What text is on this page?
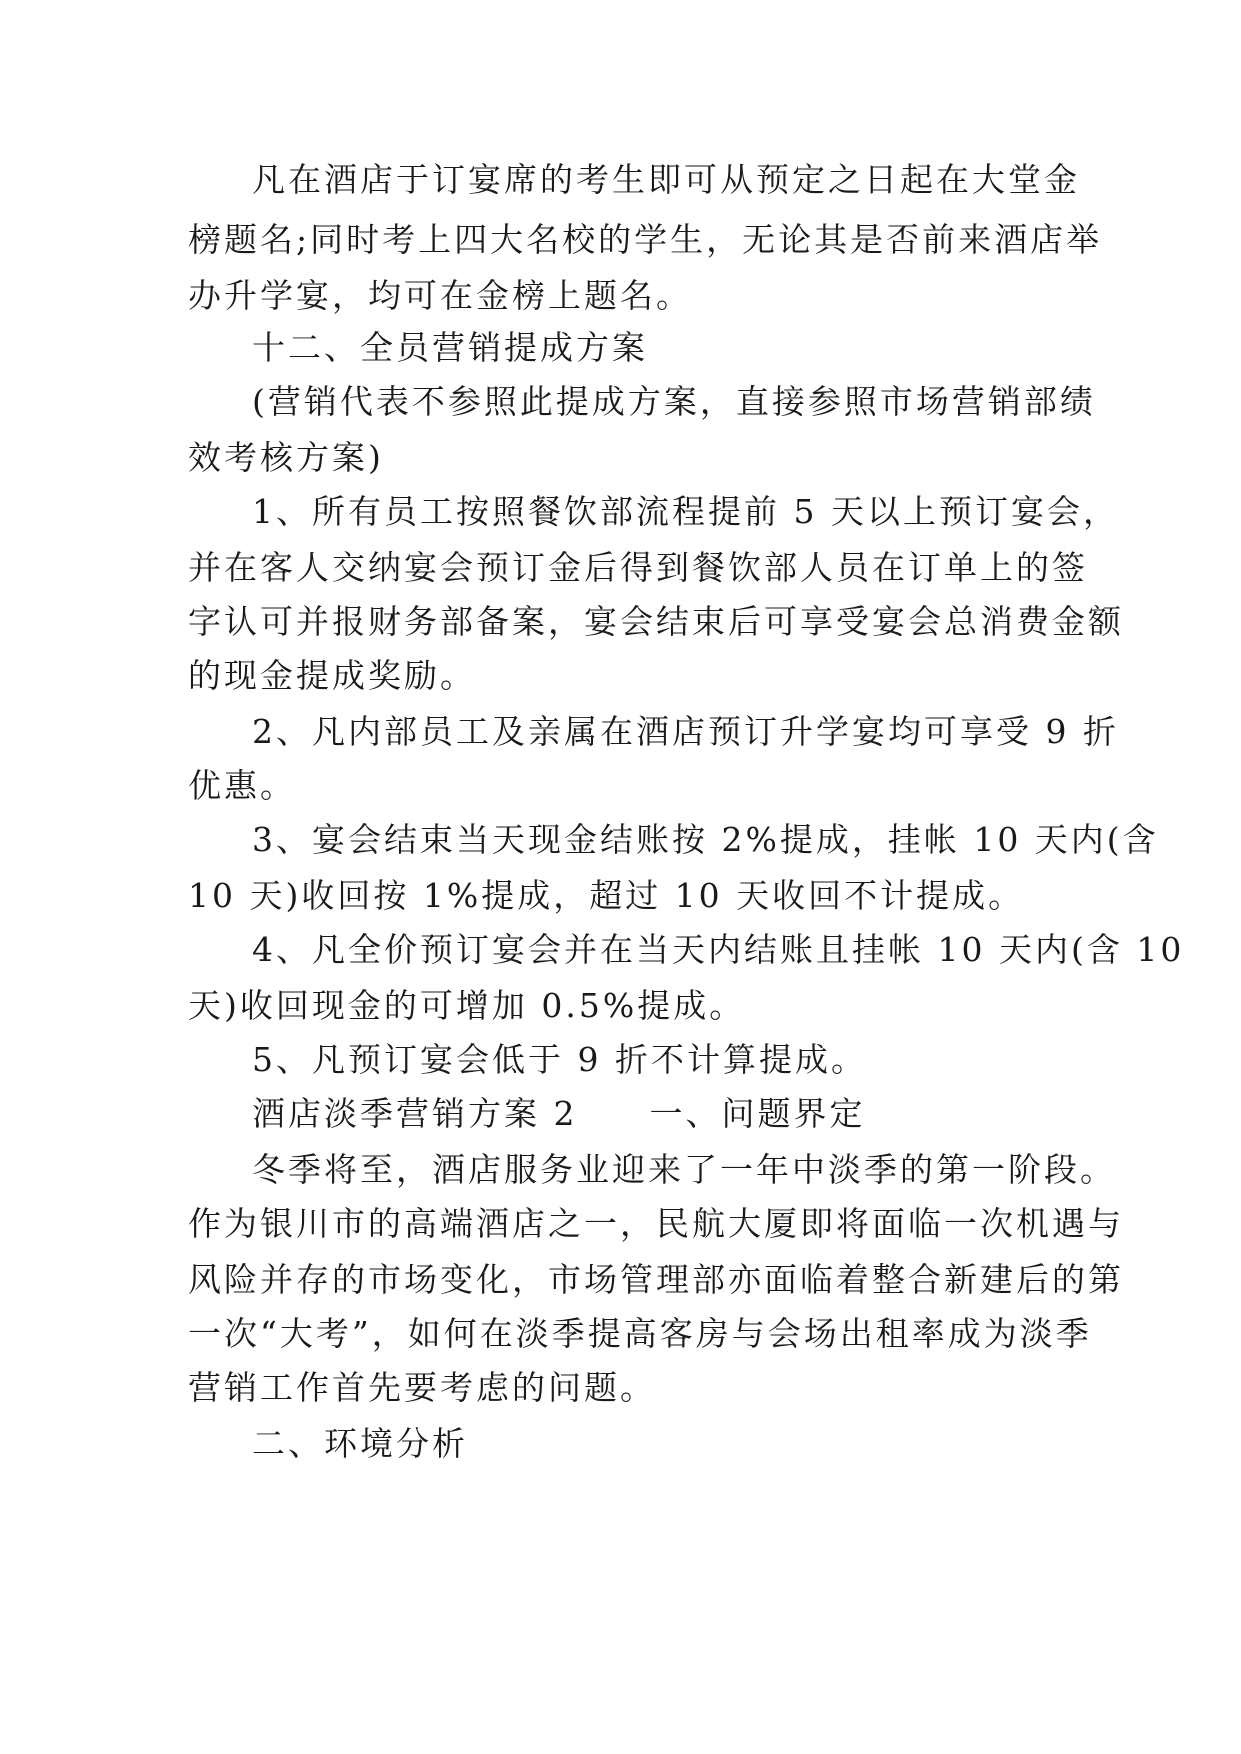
凡在酒店于订宴席的考生即可从预定之日起在大堂金
榜题名;同时考上四大名校的学生，无论其是否前来酒店举
办升学宴，均可在金榜上题名。
十二、全员营销提成方案
(营销代表不参照此提成方案，直接参照市场营销部绩
效考核方案)
1、所有员工按照餐饮部流程提前 5 天以上预订宴会，
并在客人交纳宴会预订金后得到餐饮部人员在订单上的签
字认可并报财务部备案，宴会结束后可享受宴会总消费金额
的现金提成奖励。
2、凡内部员工及亲属在酒店预订升学宴均可享受 9 折
优惠。
3、宴会结束当天现金结账按 2%提成，挂帐 10 天内(含
10 天)收回按 1%提成，超过 10 天收回不计提成。
4、凡全价预订宴会并在当天内结账且挂帐 10 天内(含 10
天)收回现金的可增加 0.5%提成。
5、凡预订宴会低于 9 折不计算提成。
酒店淡季营销方案 2　　一、问题界定
冬季将至，酒店服务业迎来了一年中淡季的第一阶段。
作为银川市的高端酒店之一，民航大厦即将面临一次机遇与
风险并存的市场变化，市场管理部亦面临着整合新建后的第
一次“大考”，如何在淡季提高客房与会场出租率成为淡季
营销工作首先要考虑的问题。
二、环境分析
